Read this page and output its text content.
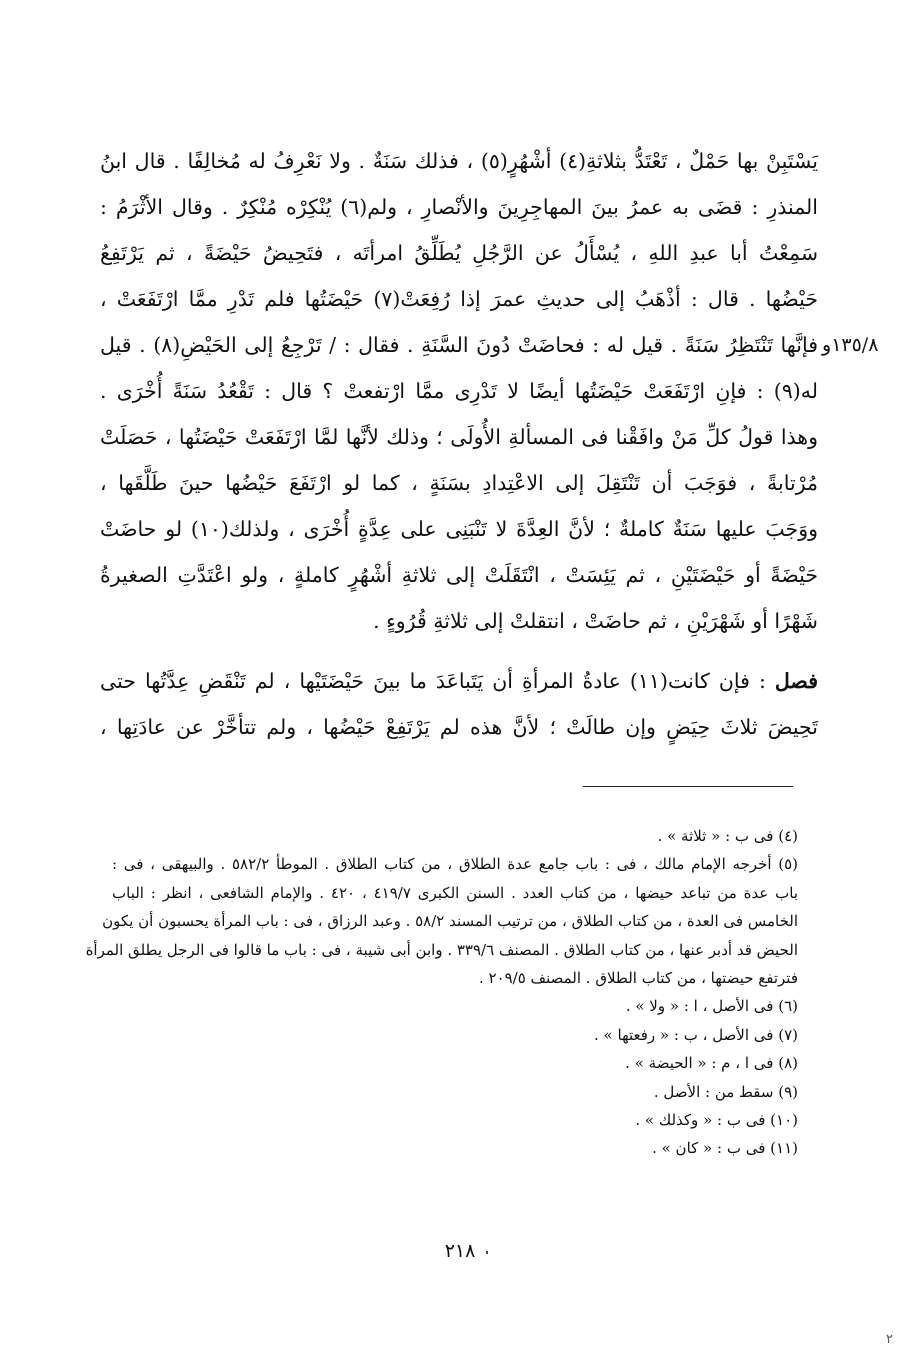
يَسْتَبِنْ بها حَمْلٌ ، تَعْتَدُّ بثلاثةِ(٤) أشْهُرٍ(٥) ، فذلك سَنَةٌ . ولا نَعْرِفُ له مُخالِفًا . قال ابنُ
المنذرِ : قضَى به عمرُ بينَ المهاجِرِينَ والأنْصارِ ، ولم(٦) يُنْكِرْه مُنْكِرٌ . وقال الأثْرَمُ :
سَمِعْتُ أبا عبدِ اللهِ ، يُسْأَلُ عن الرَّجُلِ يُطَلِّقُ امرأتَه ، فتَحِيضُ حَيْضَةً ، ثم يَرْتَفِعُ
حَيْضُها . قال : أذْهَبُ إلى حديثِ عمرَ إذا رُفِعَتْ(٧) حَيْضَتُها فلم تَدْرِ ممَّا ارْتَفَعَتْ ،
فإنَّها تَنْتَظِرُ سَنَةً . قيل له : فحاضَتْ دُونَ السَّنَةِ . فقال : / تَرْجِعُ إلى الحَيْضِ(٨) . قيل
له(٩) : فإنِ ارْتَفَعَتْ حَيْضَتُها أيضًا لا تَدْرِى ممَّا ارْتفعتْ ؟ قال : تَقْعُدُ سَنَةً أُخْرَى .
وهذا قولُ كلِّ مَنْ وافَقْنا فى المسألةِ الأُولَى ؛ وذلك لأنَّها لمَّا ارْتَفَعَتْ حَيْضَتُها ، حَصَلَتْ
مُرْتابةً ، فوَجَبَ أن تَنْتَقِلَ إلى الاعْتِدادِ بسَنَةٍ ، كما لو ارْتَفَعَ حَيْضُها حينَ طَلَّقَها ،
ووَجَبَ عليها سَنَةٌ كاملةٌ ؛ لأنَّ العِدَّةَ لا تَنْبَنِى على عِدَّةٍ أُخْرَى ، ولذلك(١٠) لو حاضَتْ
حَيْضَةً أو حَيْضَتَيْنِ ، ثم يَئِسَتْ ، انْتَقَلَتْ إلى ثلاثةِ أشْهُرٍ كاملةٍ ، ولو اعْتَدَّتِ الصغيرةُ
شَهْرًا أو شَهْرَيْنِ ، ثم حاضَتْ ، انتقلتْ إلى ثلاثةِ قُرُوءٍ .
فصل : فإن كانت(١١) عادةُ المرأةِ أن يَتَباعَدَ ما بينَ حَيْضَتَيْها ، لم تَنْقَضِ عِدَّتُها حتى
تَحِيضَ ثلاثَ حِيَضٍ وإن طالَتْ ؛ لأنَّ هذه لم يَرْتَفِعْ حَيْضُها ، ولم تتأخَّرْ عن عادَتِها ،
١٣٥/٨و
(٤) فى ب : « ثلاثة » .
(٥) أخرجه الإمام مالك ، فى : باب جامع عدة الطلاق ، من كتاب الطلاق . الموطأ ٥٨٢/٢ . والبيهقى ، فى :
باب عدة من تباعد حيضها ، من كتاب العدد . السنن الكبرى ٤١٩/٧ ، ٤٢٠ . والإمام الشافعى ، انظر : الباب
الخامس فى العدة ، من كتاب الطلاق ، من ترتيب المسند ٥٨/٢ . وعبد الرزاق ، فى : باب المرأة يحسبون أن يكون
الحيض قد أدبر عنها ، من كتاب الطلاق . المصنف ٣٣٩/٦ . وابن أبى شيبة ، فى : باب ما قالوا فى الرجل يطلق المرأة
فترتفع حيضتها ، من كتاب الطلاق . المصنف ٢٠٩/٥ .
(٦) فى الأصل ، ا : « ولا » .
(٧) فى الأصل ، ب : « رفعتها » .
(٨) فى ا ، م : « الحيضة » .
(٩) سقط من : الأصل .
(١٠) فى ب : « وكذلك » .
(١١) فى ب : « كان » .
٢١٨
٢
